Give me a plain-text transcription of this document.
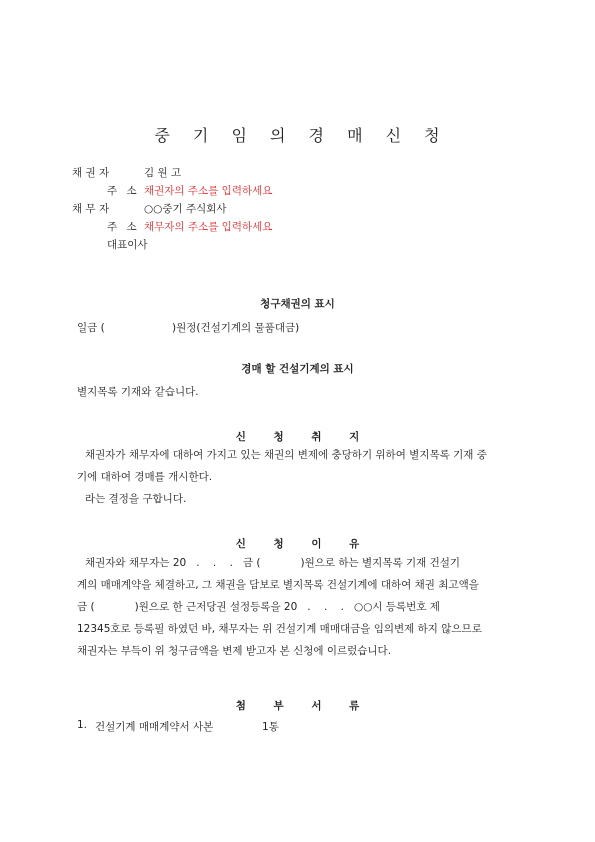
중 기 임 의 경 매 신 청
채 권 자	김 원 고
주 소 채권자의 주소를 입력하세요
채 무 자	○○중기 주식회사
주 소 채무자의 주소를 입력하세요
대표이사
청구채권의 표시
일금 (	)원정(건설기계의 물품대금)
경매 할 건설기계의 표시
별지목록 기재와 같습니다.
신 청 취 지
채권자가 채무자에 대하여 가지고 있는 채권의 변제에 충당하기 위하여 별지목록 기재 중
기에 대하여 경매를 개시한다.
라는 결정을 구합니다.
신 청 이 유
채권자와 채무자는 20   .    .    .   금 (            )원으로 하는 별지목록 기재 건설기
계의 매매계약을 체결하고, 그 채권을 담보로 별지목록 건설기계에 대하여 채권 최고액을
금 (            )원으로 한 근저당권 설정등록을 20   .    .    .   ○○시 등록번호 제
12345호로 등록필 하였던 바, 채무자는 위 건설기계 매매대금을 임의변제 하지 않으므로
채권자는 부득이 위 청구금액을 변제 받고자 본 신청에 이르렀습니다.
첨 부 서 류
1. 건설기계 매매계약서 사본	1통
